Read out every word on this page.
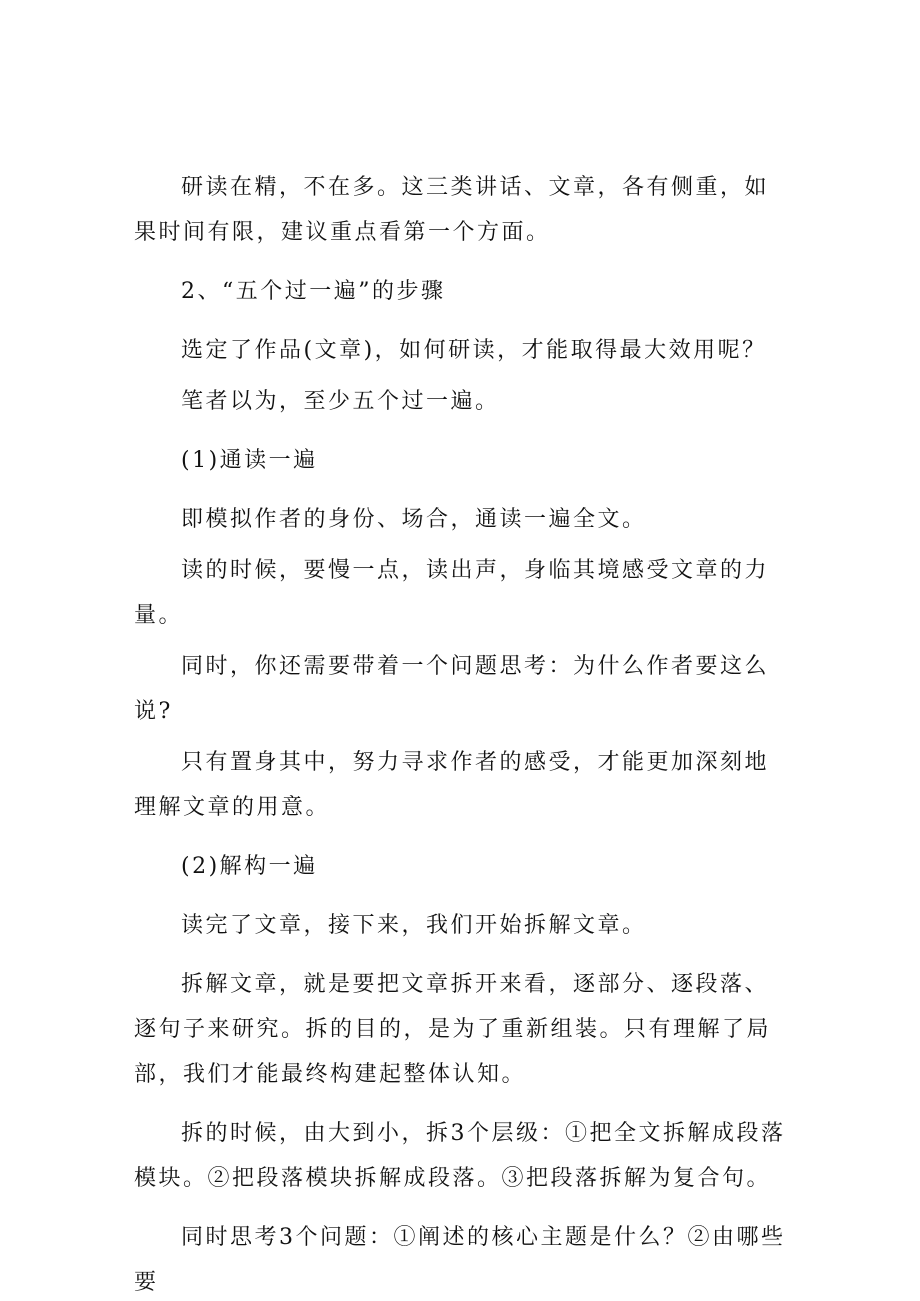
研读在精，不在多。这三类讲话、文章，各有侧重，如果时间有限，建议重点看第一个方面。

2、“五个过一遍”的步骤

选定了作品(文章)，如何研读，才能取得最大效用呢？

笔者以为，至少五个过一遍。

(1)通读一遍

即模拟作者的身份、场合，通读一遍全文。

读的时候，要慢一点，读出声，身临其境感受文章的力量。

同时，你还需要带着一个问题思考：为什么作者要这么说?

只有置身其中，努力寻求作者的感受，才能更加深刻地理解文章的用意。

(2)解构一遍

读完了文章，接下来，我们开始拆解文章。

拆解文章，就是要把文章拆开来看，逐部分、逐段落、逐句子来研究。拆的目的，是为了重新组装。只有理解了局部，我们才能最终构建起整体认知。

拆的时候，由大到小，拆3个层级：①把全文拆解成段落模块。②把段落模块拆解成段落。③把段落拆解为复合句。

同时思考3个问题：①阐述的核心主题是什么？②由哪些要
